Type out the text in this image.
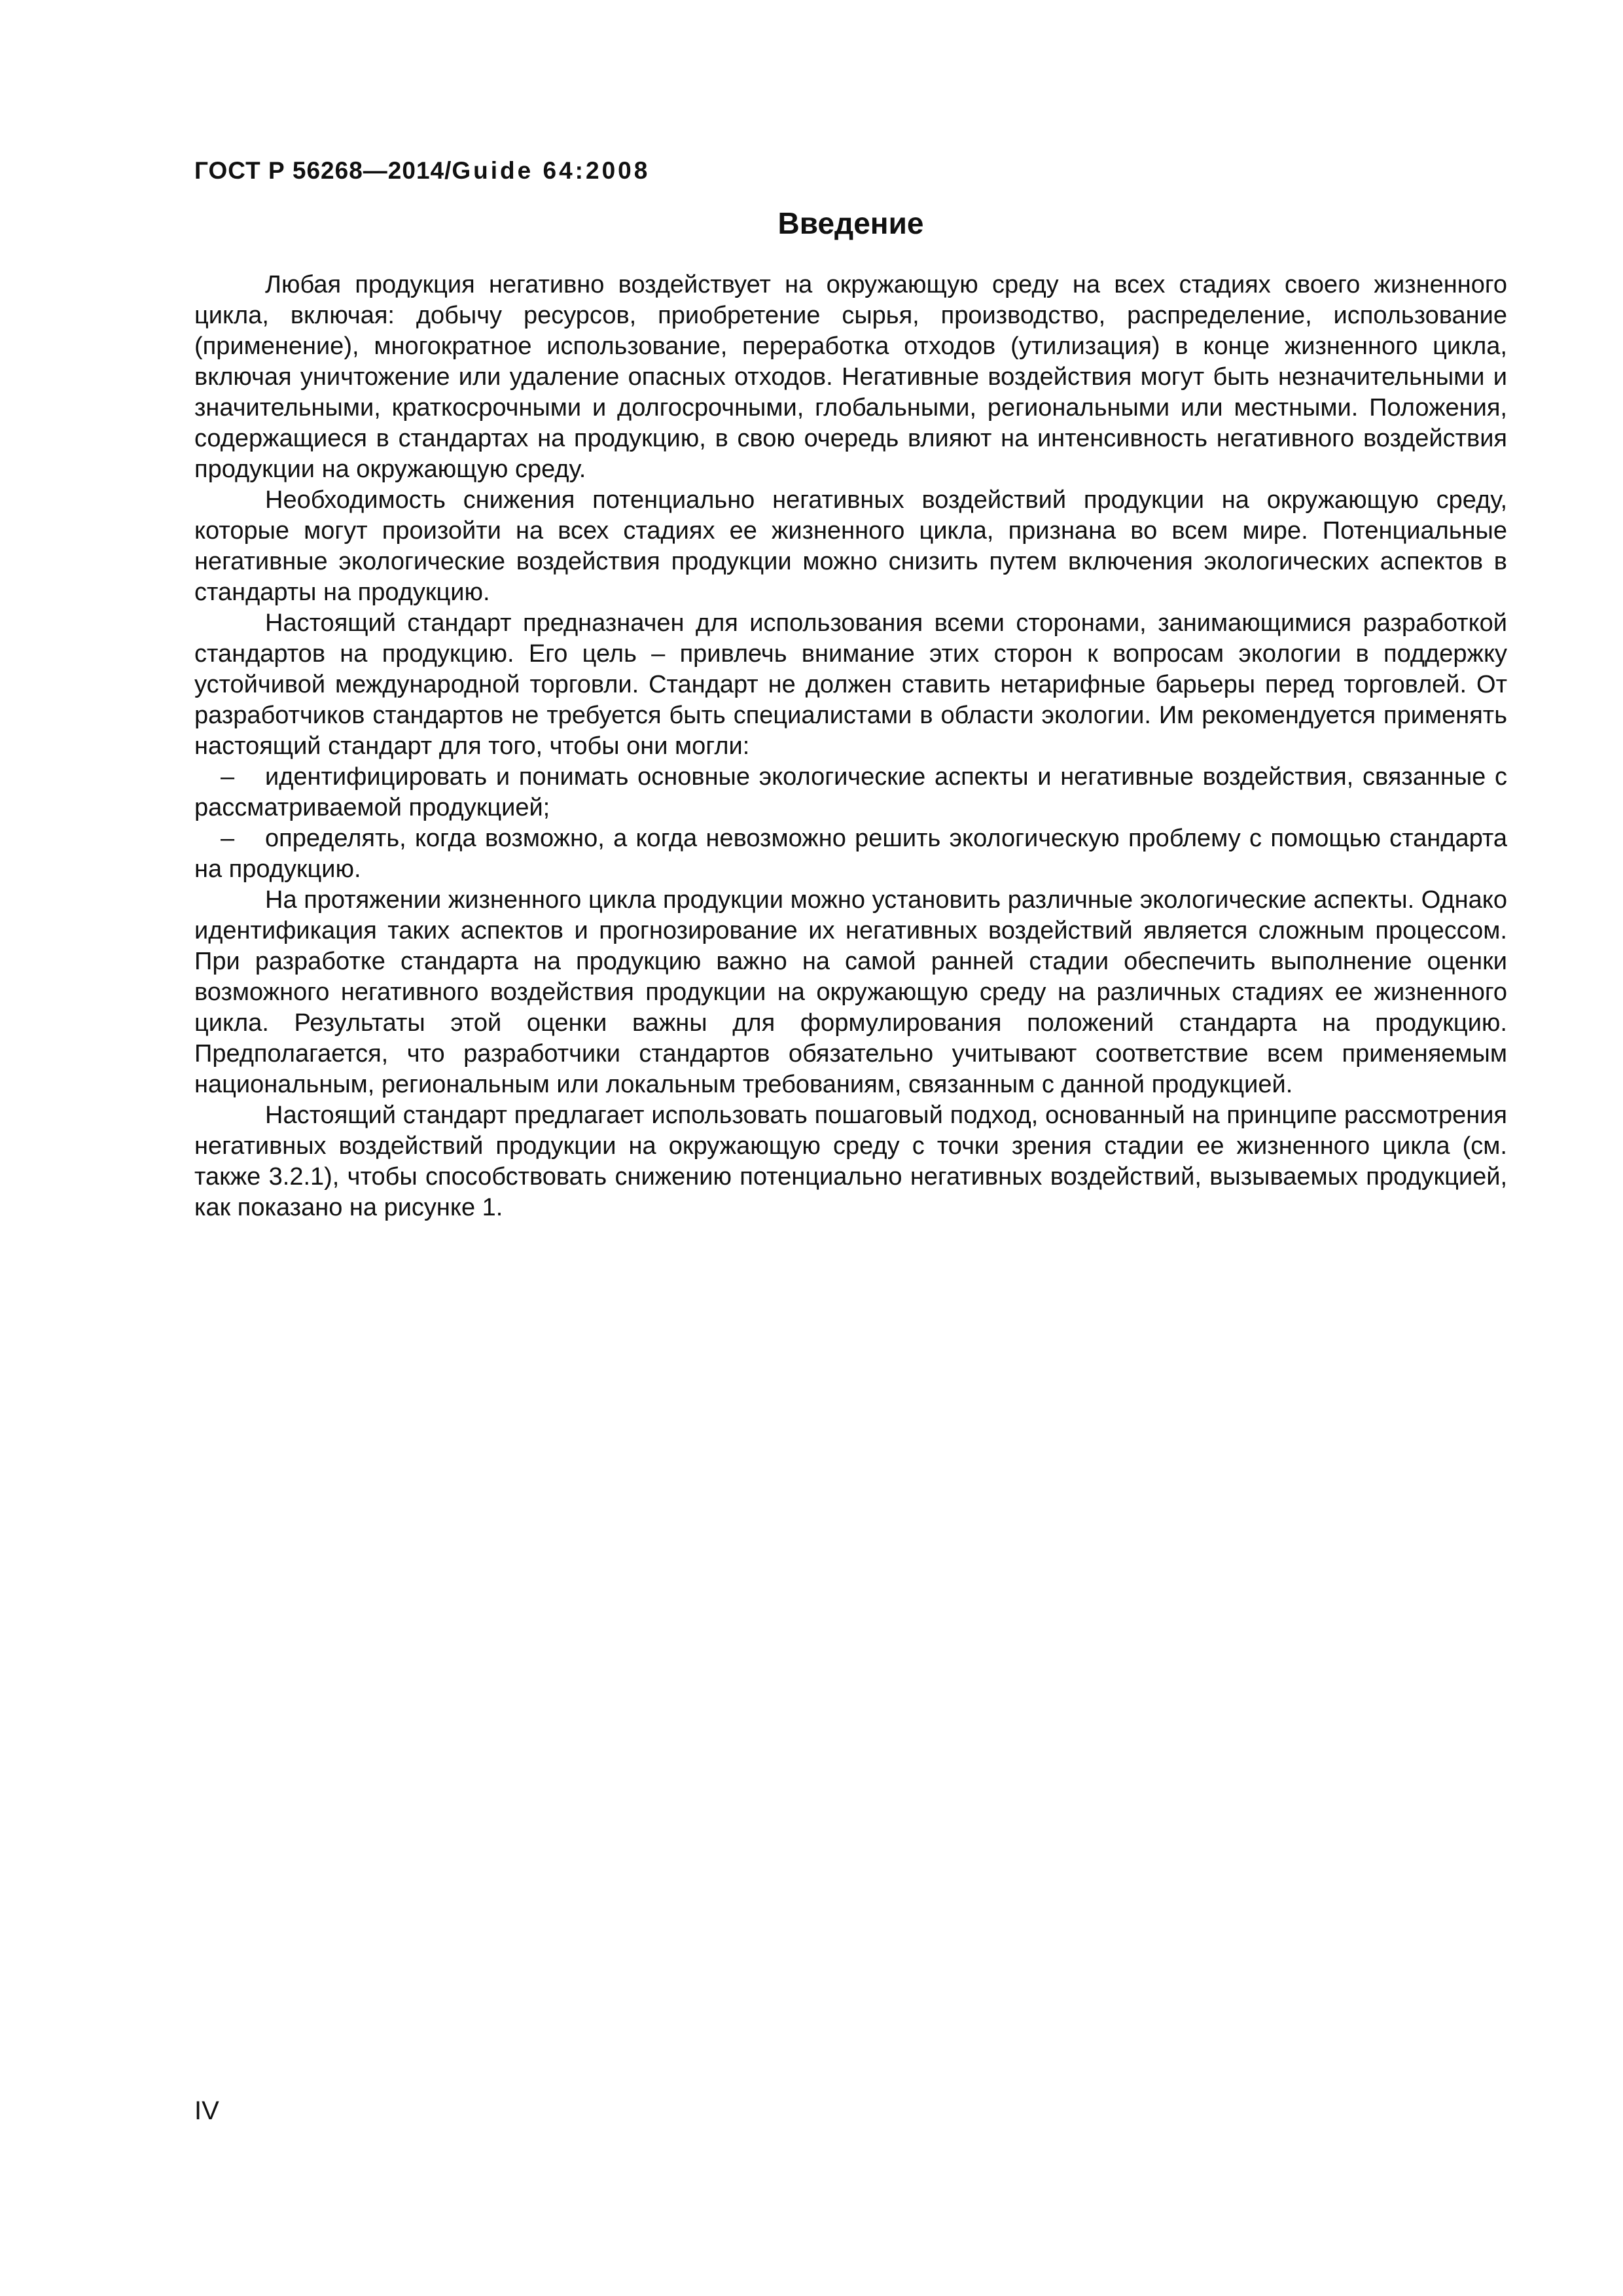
ГОСТ Р 56268—2014/Guide 64:2008
Введение

Любая продукция негативно воздействует на окружающую среду на всех стадиях своего жизненного цикла, включая: добычу ресурсов, приобретение сырья, производство, распределение, использование (применение), многократное использование, переработка отходов (утилизация) в конце жизненного цикла, включая уничтожение или удаление опасных отходов. Негативные воздействия могут быть незначительными и значительными, краткосрочными и долгосрочными, глобальными, региональными или местными. Положения, содержащиеся в стандартах на продукцию, в свою очередь влияют на интенсивность негативного воздействия продукции на окружающую среду.

Необходимость снижения потенциально негативных воздействий продукции на окружающую среду, которые могут произойти на всех стадиях ее жизненного цикла, признана во всем мире. Потенциальные негативные экологические воздействия продукции можно снизить путем включения экологических аспектов в стандарты на продукцию.

Настоящий стандарт предназначен для использования всеми сторонами, занимающимися разработкой стандартов на продукцию. Его цель – привлечь внимание этих сторон к вопросам экологии в поддержку устойчивой международной торговли. Стандарт не должен ставить нетарифные барьеры перед торговлей. От разработчиков стандартов не требуется быть специалистами в области экологии. Им рекомендуется применять настоящий стандарт для того, чтобы они могли:

– идентифицировать и понимать основные экологические аспекты и негативные воздействия, связанные с рассматриваемой продукцией;

– определять, когда возможно, а когда невозможно решить экологическую проблему с помощью стандарта на продукцию.

На протяжении жизненного цикла продукции можно установить различные экологические аспекты. Однако идентификация таких аспектов и прогнозирование их негативных воздействий является сложным процессом. При разработке стандарта на продукцию важно на самой ранней стадии обеспечить выполнение оценки возможного негативного воздействия продукции на окружающую среду на различных стадиях ее жизненного цикла. Результаты этой оценки важны для формулирования положений стандарта на продукцию. Предполагается, что разработчики стандартов обязательно учитывают соответствие всем применяемым национальным, региональным или локальным требованиям, связанным с данной продукцией.

Настоящий стандарт предлагает использовать пошаговый подход, основанный на принципе рассмотрения негативных воздействий продукции на окружающую среду с точки зрения стадии ее жизненного цикла (см. также 3.2.1), чтобы способствовать снижению потенциально негативных воздействий, вызываемых продукцией, как показано на рисунке 1.

IV
